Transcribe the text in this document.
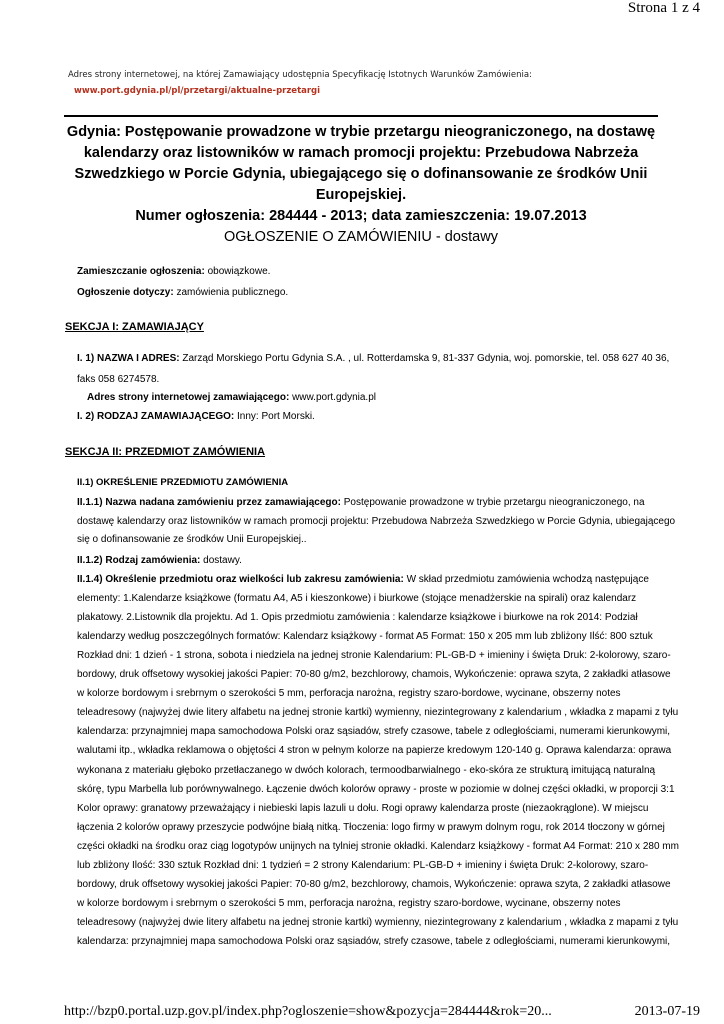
Strona 1 z 4
Adres strony internetowej, na której Zamawiający udostępnia Specyfikację Istotnych Warunków Zamówienia:
www.port.gdynia.pl/pl/przetargi/aktualne-przetargi
Gdynia: Postępowanie prowadzone w trybie przetargu nieograniczonego, na dostawę
kalendarzy oraz listowników w ramach promocji projektu: Przebudowa Nabrzeża
Szwedzkiego w Porcie Gdynia, ubiegającego się o dofinansowanie ze środków Unii
Europejskiej.
Numer ogłoszenia: 284444 - 2013; data zamieszczenia: 19.07.2013
OGŁOSZENIE O ZAMÓWIENIU - dostawy
Zamieszczanie ogłoszenia: obowiązkowe.
Ogłoszenie dotyczy: zamówienia publicznego.
SEKCJA I: ZAMAWIAJĄCY
I. 1) NAZWA I ADRES: Zarząd Morskiego Portu Gdynia S.A. , ul. Rotterdamska 9, 81-337 Gdynia, woj. pomorskie, tel. 058 627 40 36,
faks 058 6274578.
Adres strony internetowej zamawiającego: www.port.gdynia.pl
I. 2) RODZAJ ZAMAWIAJĄCEGO: Inny: Port Morski.
SEKCJA II: PRZEDMIOT ZAMÓWIENIA
II.1) OKREŚLENIE PRZEDMIOTU ZAMÓWIENIA
II.1.1) Nazwa nadana zamówieniu przez zamawiającego: Postępowanie prowadzone w trybie przetargu nieograniczonego, na
dostawę kalendarzy oraz listowników w ramach promocji projektu: Przebudowa Nabrzeża Szwedzkiego w Porcie Gdynia, ubiegającego
się o dofinansowanie ze środków Unii Europejskiej..
II.1.2) Rodzaj zamówienia: dostawy.
II.1.4) Określenie przedmiotu oraz wielkości lub zakresu zamówienia: W skład przedmiotu zamówienia wchodzą następujące
elementy: 1.Kalendarze książkowe (formatu A4, A5 i kieszonkowe) i biurkowe (stojące menadżerskie na spirali) oraz kalendarz
plakatowy. 2.Listownik dla projektu. Ad 1. Opis przedmiotu zamówienia : kalendarze książkowe i biurkowe na rok 2014: Podział
kalendarzy według poszczególnych formatów: Kalendarz książkowy - format A5 Format: 150 x 205 mm lub zbliżony Ilść: 800 sztuk
Rozkład dni: 1 dzień - 1 strona, sobota i niedziela na jednej stronie Kalendarium: PL-GB-D + imieniny i święta Druk: 2-kolorowy, szaro-
bordowy, druk offsetowy wysokiej jakości Papier: 70-80 g/m2, bezchlorowy, chamois, Wykończenie: oprawa szyta, 2 zakładki atłasowe
w kolorze bordowym i srebrnym o szerokości 5 mm, perforacja narożna, registry szaro-bordowe, wycinane, obszerny notes
teleadresowy (najwyżej dwie litery alfabetu na jednej stronie kartki) wymienny, niezintegrowany z kalendarium , wkładka z mapami z tyłu
kalendarza: przynajmniej mapa samochodowa Polski oraz sąsiadów, strefy czasowe, tabele z odległościami, numerami kierunkowymi,
walutami itp., wkładka reklamowa o objętości 4 stron w pełnym kolorze na papierze kredowym 120-140 g. Oprawa kalendarza: oprawa
wykonana z materiału głęboko przetłaczanego w dwóch kolorach, termoodbarwialnego - eko-skóra ze strukturą imitującą naturalną
skórę, typu Marbella lub porównywalnego. Łączenie dwóch kolorów oprawy - proste w poziomie w dolnej części okładki, w proporcji 3:1
Kolor oprawy: granatowy przeważający i niebieski lapis lazuli u dołu. Rogi oprawy kalendarza proste (niezaokrąglone). W miejscu
łączenia 2 kolorów oprawy przeszycie podwójne białą nitką. Tłoczenia: logo firmy w prawym dolnym rogu, rok 2014 tłoczony w górnej
części okładki na środku oraz ciąg logotypów unijnych na tylniej stronie okładki. Kalendarz książkowy - format A4 Format: 210 x 280 mm
lub zbliżony Ilość: 330 sztuk Rozkład dni: 1 tydzień = 2 strony Kalendarium: PL-GB-D + imieniny i święta Druk: 2-kolorowy, szaro-
bordowy, druk offsetowy wysokiej jakości Papier: 70-80 g/m2, bezchlorowy, chamois, Wykończenie: oprawa szyta, 2 zakładki atłasowe
w kolorze bordowym i srebrnym o szerokości 5 mm, perforacja narożna, registry szaro-bordowe, wycinane, obszerny notes
teleadresowy (najwyżej dwie litery alfabetu na jednej stronie kartki) wymienny, niezintegrowany z kalendarium , wkładka z mapami z tyłu
kalendarza: przynajmniej mapa samochodowa Polski oraz sąsiadów, strefy czasowe, tabele z odległościami, numerami kierunkowymi,
http://bzp0.portal.uzp.gov.pl/index.php?ogloszenie=show&pozycja=284444&rok=20...	2013-07-19
